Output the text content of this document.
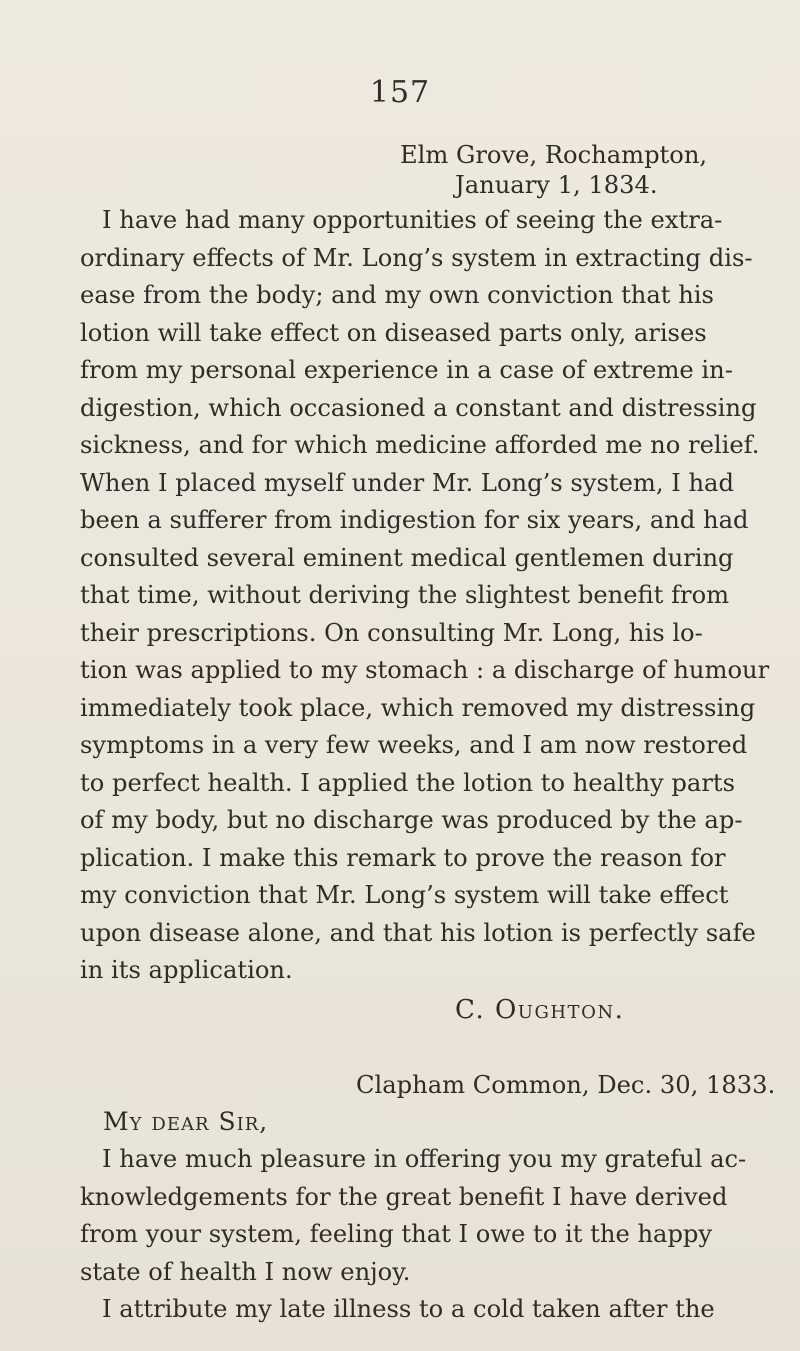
157
Elm Grove, Rochampton,
January 1, 1834.
I have had many opportunities of seeing the extra-
ordinary effects of Mr. Long’s system in extracting dis-
ease from the body; and my own conviction that his
lotion will take effect on diseased parts only, arises
from my personal experience in a case of extreme in-
digestion, which occasioned a constant and distressing
sickness, and for which medicine afforded me no relief.
When I placed myself under Mr. Long’s system, I had
been a sufferer from indigestion for six years, and had
consulted several eminent medical gentlemen during
that time, without deriving the slightest benefit from
their prescriptions. On consulting Mr. Long, his lo-
tion was applied to my stomach : a discharge of humour
immediately took place, which removed my distressing
symptoms in a very few weeks, and I am now restored
to perfect health. I applied the lotion to healthy parts
of my body, but no discharge was produced by the ap-
plication. I make this remark to prove the reason for
my conviction that Mr. Long’s system will take effect
upon disease alone, and that his lotion is perfectly safe
in its application.
C. Oughton.
Clapham Common, Dec. 30, 1833.
My dear Sir,
I have much pleasure in offering you my grateful ac-
knowledgements for the great benefit I have derived
from your system, feeling that I owe to it the happy
state of health I now enjoy.
I attribute my late illness to a cold taken after the
